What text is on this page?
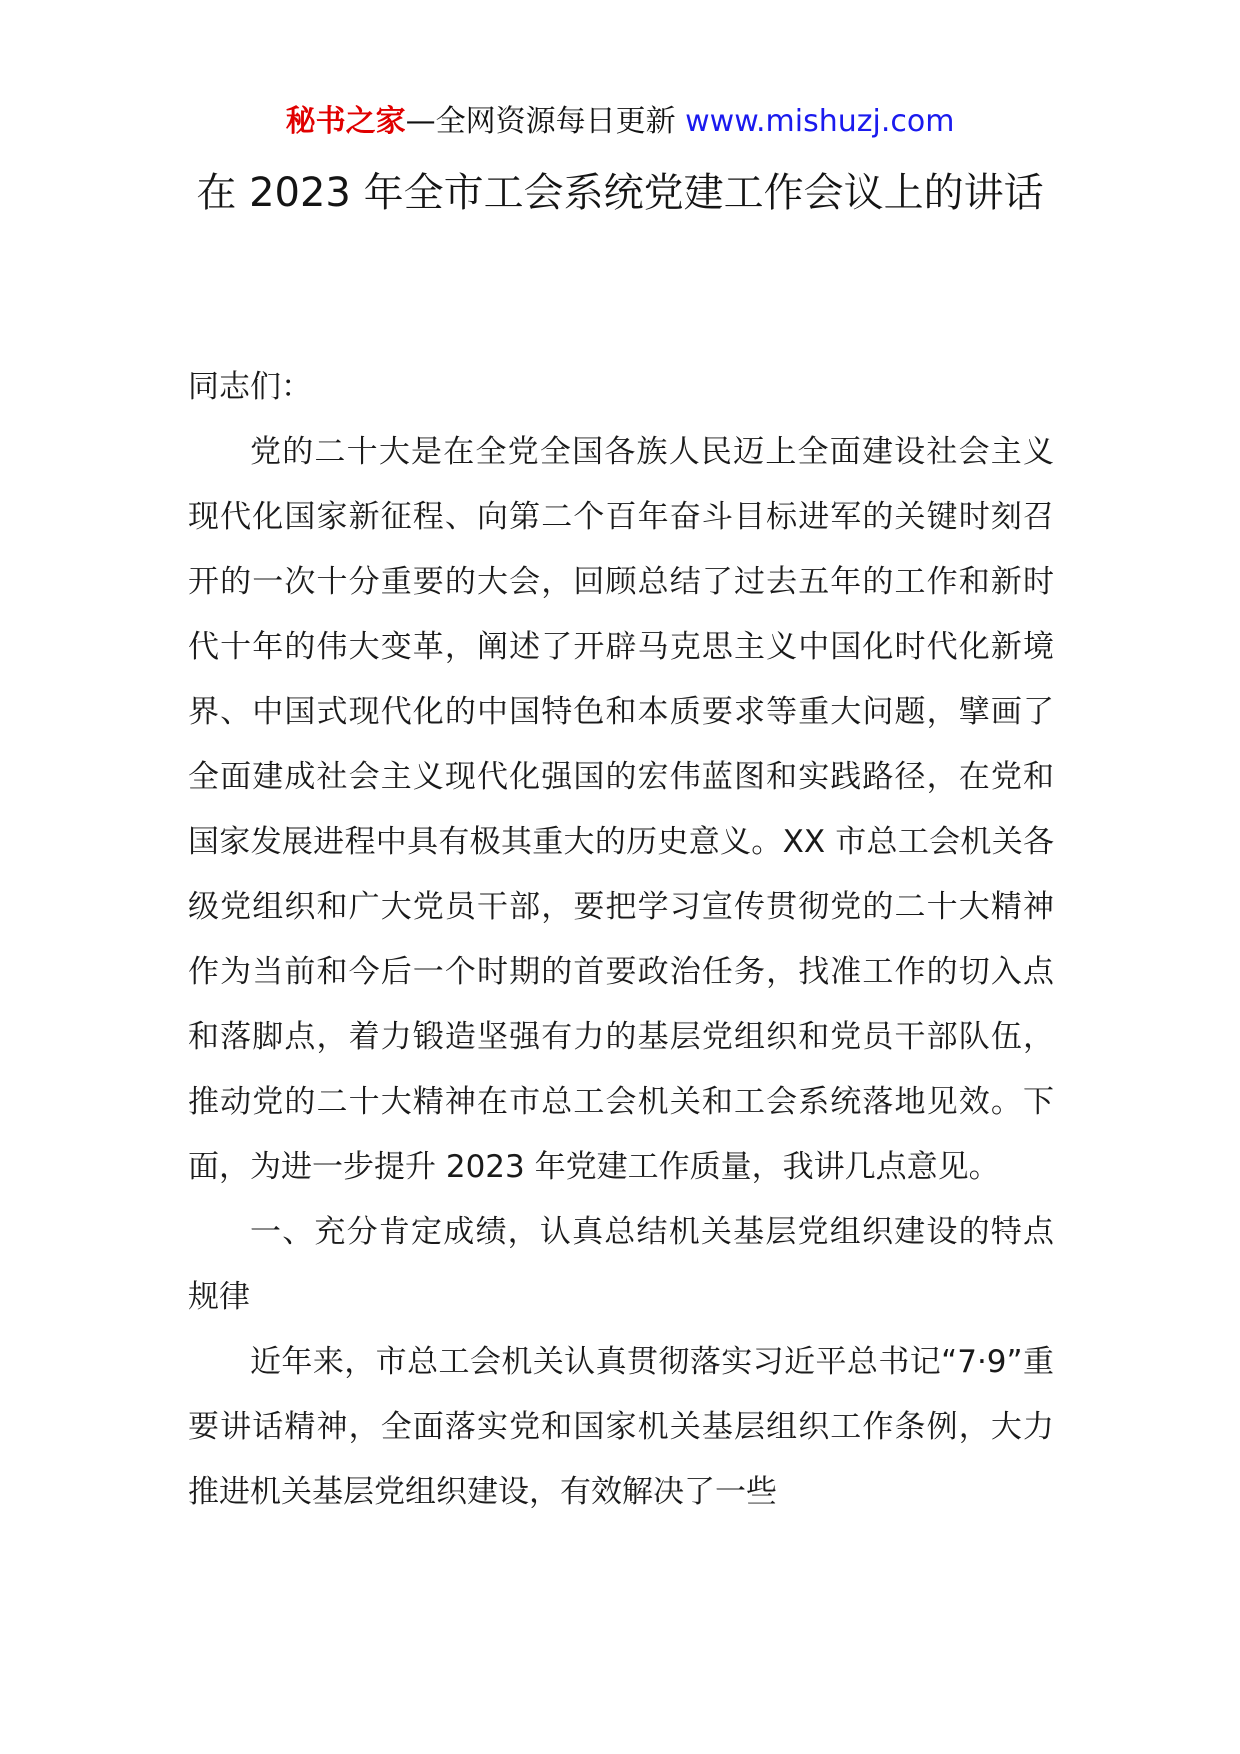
秘书之家—全网资源每日更新 www.mishuzj.com
在 2023 年全市工会系统党建工作会议上的讲话

同志们：

党的二十大是在全党全国各族人民迈上全面建设社会主义现代化国家新征程、向第二个百年奋斗目标进军的关键时刻召开的一次十分重要的大会，回顾总结了过去五年的工作和新时代十年的伟大变革，阐述了开辟马克思主义中国化时代化新境界、中国式现代化的中国特色和本质要求等重大问题，擘画了全面建成社会主义现代化强国的宏伟蓝图和实践路径，在党和国家发展进程中具有极其重大的历史意义。XX 市总工会机关各级党组织和广大党员干部，要把学习宣传贯彻党的二十大精神作为当前和今后一个时期的首要政治任务，找准工作的切入点和落脚点，着力锻造坚强有力的基层党组织和党员干部队伍，推动党的二十大精神在市总工会机关和工会系统落地见效。下面，为进一步提升 2023 年党建工作质量，我讲几点意见。

一、充分肯定成绩，认真总结机关基层党组织建设的特点规律

近年来，市总工会机关认真贯彻落实习近平总书记“7·9”重要讲话精神，全面落实党和国家机关基层组织工作条例，大力推进机关基层党组织建设，有效解决了一些
